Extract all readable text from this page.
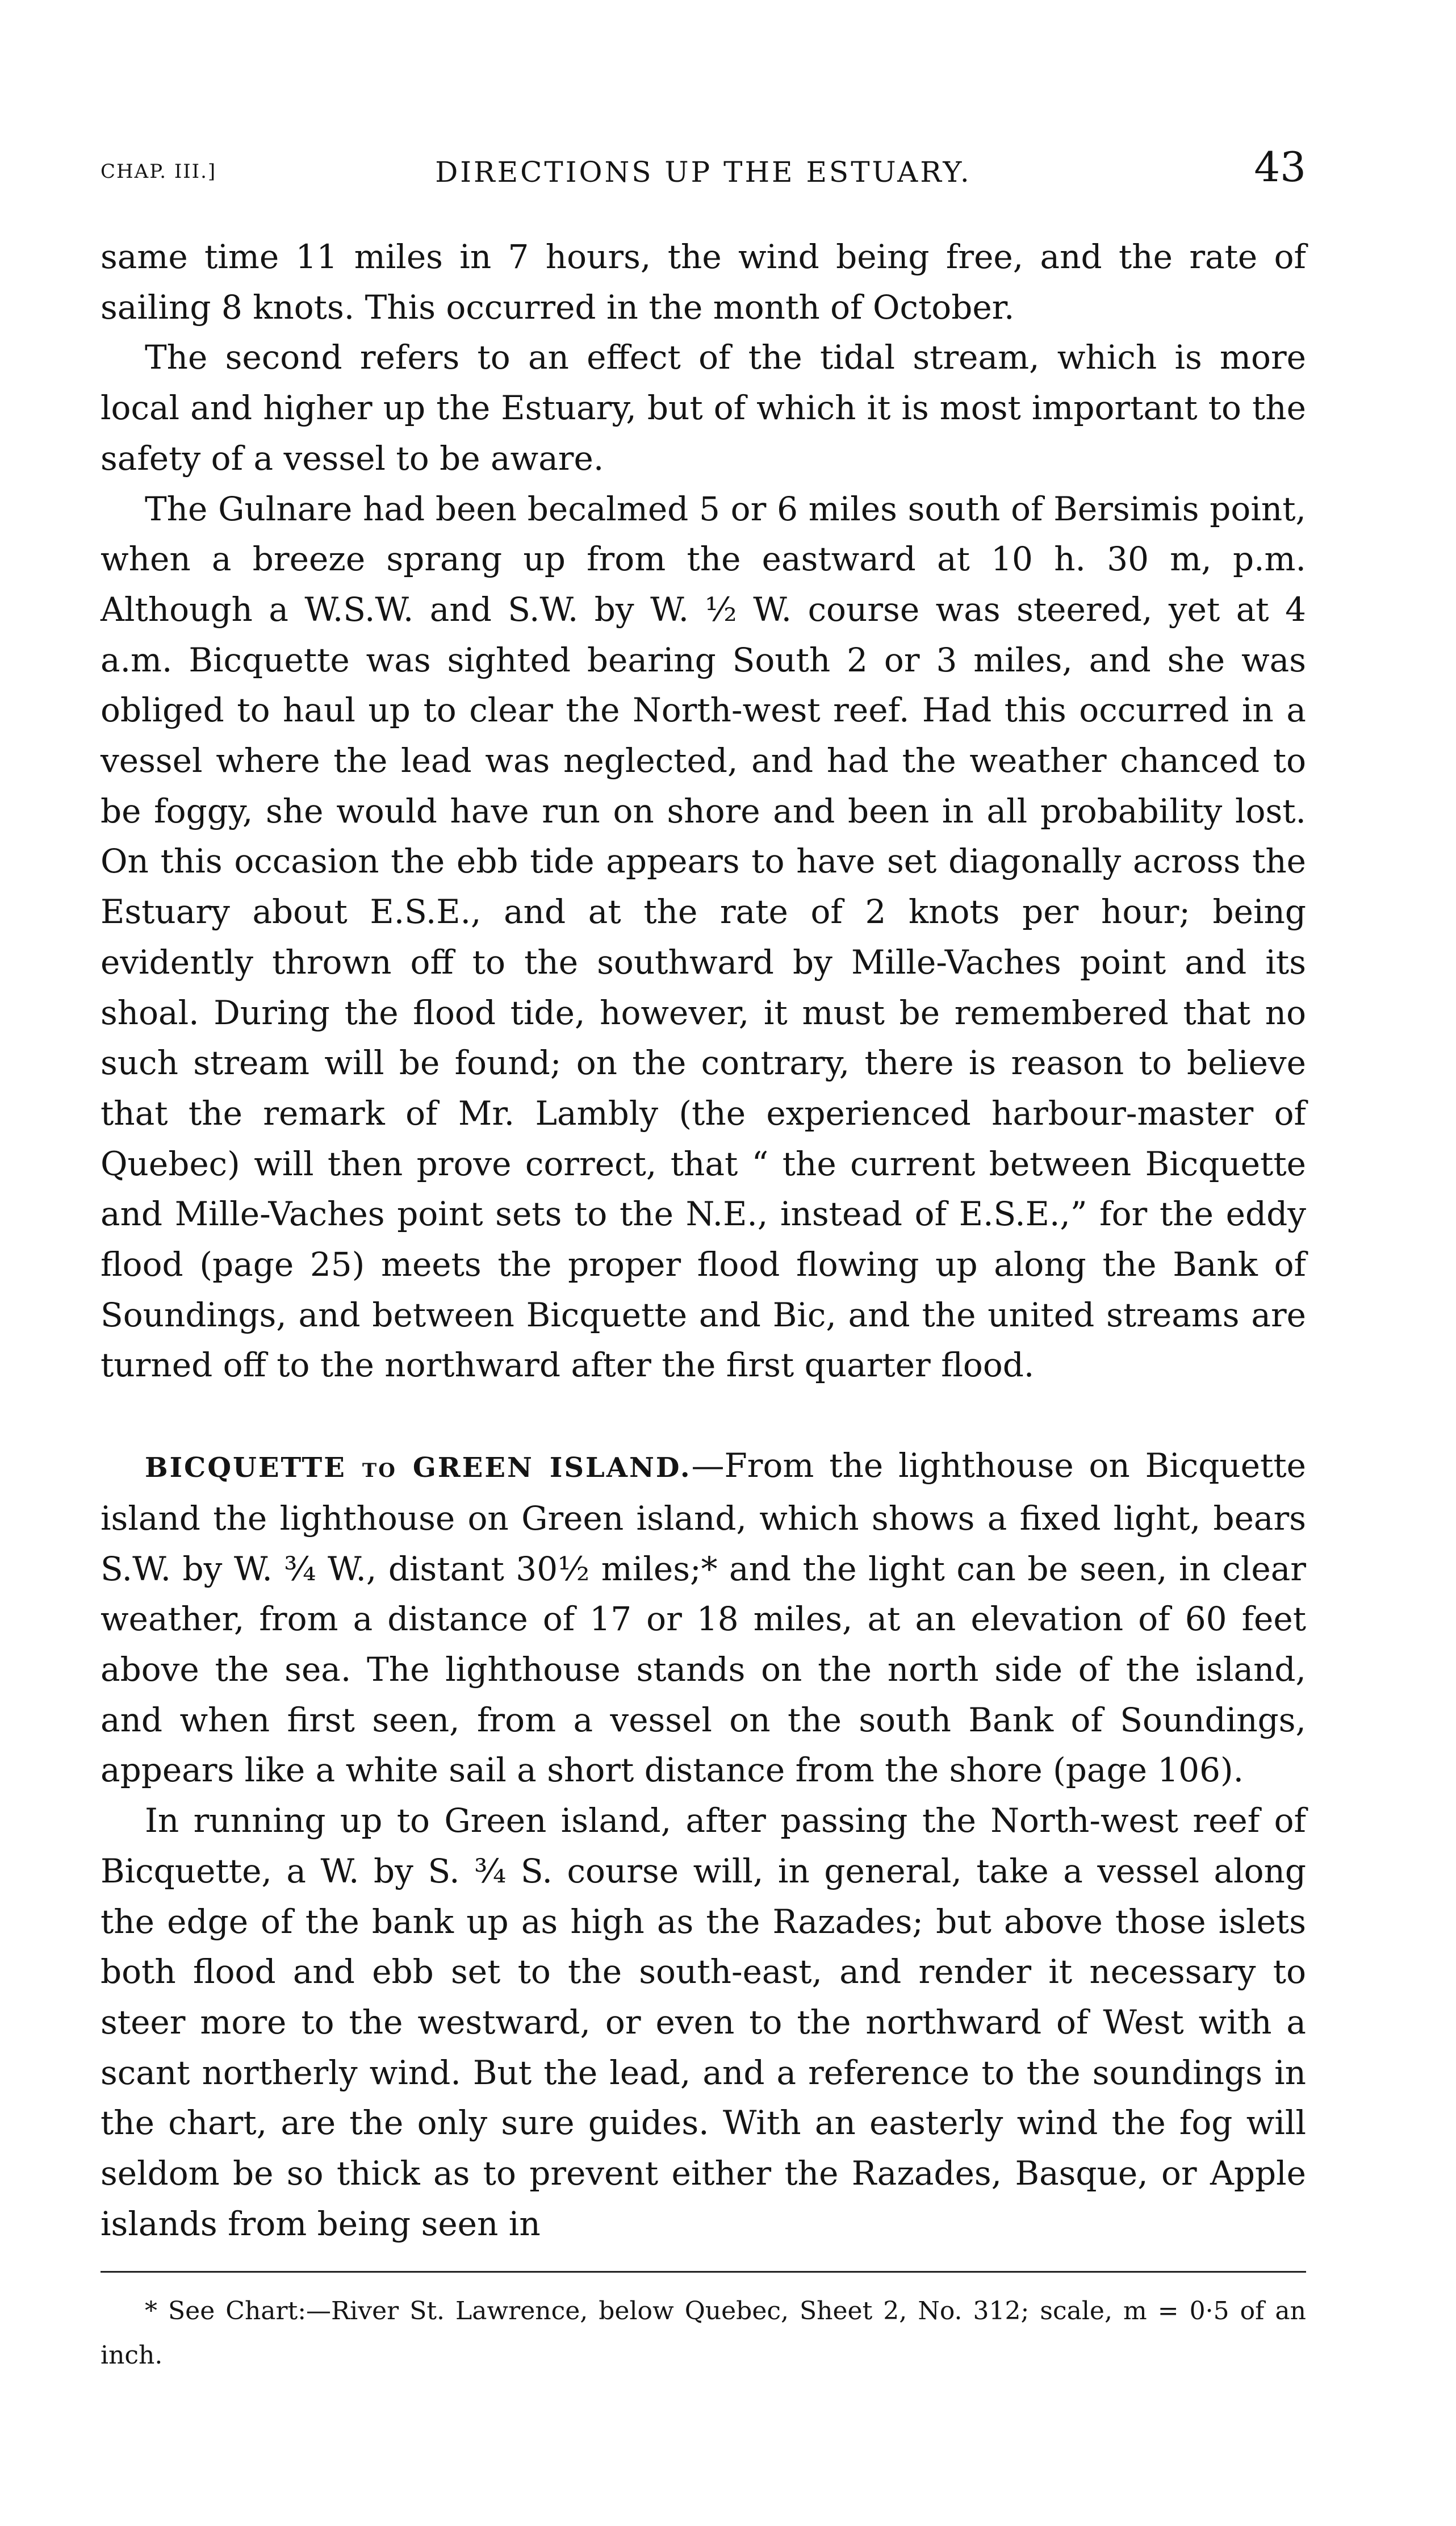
CHAP. III.]	DIRECTIONS UP THE ESTUARY.	43

same time 11 miles in 7 hours, the wind being free, and the rate of sailing 8 knots. This occurred in the month of October.

The second refers to an effect of the tidal stream, which is more local and higher up the Estuary, but of which it is most important to the safety of a vessel to be aware.

The Gulnare had been becalmed 5 or 6 miles south of Bersimis point, when a breeze sprang up from the eastward at 10 h. 30 m, p.m. Although a W.S.W. and S.W. by W. ½ W. course was steered, yet at 4 a.m. Bicquette was sighted bearing South 2 or 3 miles, and she was obliged to haul up to clear the North-west reef. Had this occurred in a vessel where the lead was neglected, and had the weather chanced to be foggy, she would have run on shore and been in all probability lost. On this occasion the ebb tide appears to have set diagonally across the Estuary about E.S.E., and at the rate of 2 knots per hour; being evidently thrown off to the southward by Mille-Vaches point and its shoal. During the flood tide, however, it must be remembered that no such stream will be found; on the contrary, there is reason to believe that the remark of Mr. Lambly (the experienced harbour-master of Quebec) will then prove correct, that “ the current between Bicquette and Mille-Vaches point sets to the N.E., instead of E.S.E.,” for the eddy flood (page 25) meets the proper flood flowing up along the Bank of Soundings, and between Bicquette and Bic, and the united streams are turned off to the northward after the first quarter flood.

BICQUETTE to GREEN ISLAND.—From the lighthouse on Bicquette island the lighthouse on Green island, which shows a fixed light, bears S.W. by W. ¾ W., distant 30½ miles;* and the light can be seen, in clear weather, from a distance of 17 or 18 miles, at an elevation of 60 feet above the sea. The lighthouse stands on the north side of the island, and when first seen, from a vessel on the south Bank of Soundings, appears like a white sail a short distance from the shore (page 106).

In running up to Green island, after passing the North-west reef of Bicquette, a W. by S. ¾ S. course will, in general, take a vessel along the edge of the bank up as high as the Razades; but above those islets both flood and ebb set to the south-east, and render it necessary to steer more to the westward, or even to the northward of West with a scant northerly wind. But the lead, and a reference to the soundings in the chart, are the only sure guides. With an easterly wind the fog will seldom be so thick as to prevent either the Razades, Basque, or Apple islands from being seen in

* See Chart:—River St. Lawrence, below Quebec, Sheet 2, No. 312; scale, m = 0·5 of an inch.
